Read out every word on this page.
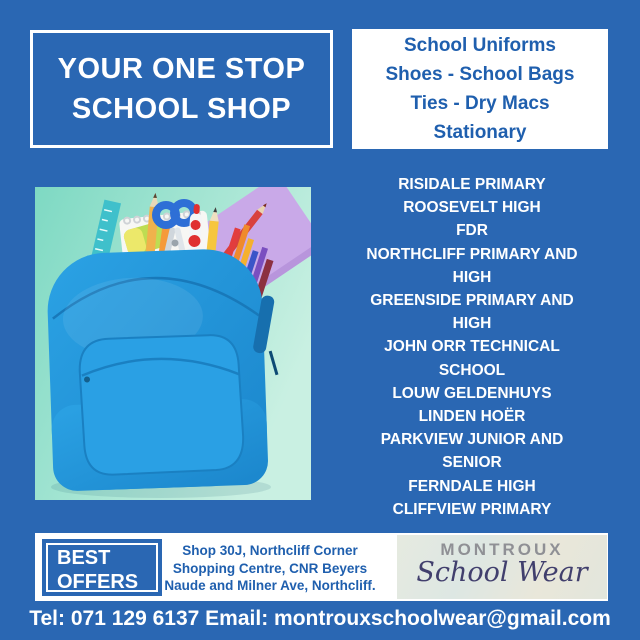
YOUR ONE STOP
SCHOOL SHOP
School Uniforms
Shoes - School Bags
Ties - Dry Macs
Stationary
RISIDALE PRIMARY
ROOSEVELT HIGH
FDR
NORTHCLIFF PRIMARY AND HIGH
GREENSIDE PRIMARY AND HIGH
JOHN ORR TECHNICAL SCHOOL
LOUW GELDENHUYS
LINDEN HOËR
PARKVIEW JUNIOR AND SENIOR
FERNDALE HIGH
CLIFFVIEW PRIMARY
BEST
OFFERS
Shop 30J, Northcliff Corner
Shopping Centre, CNR Beyers
Naude and Milner Ave, Northcliff.
MONTROUX
School Wear
Tel: 071 129 6137 Email: montrouxschoolwear@gmail.com
